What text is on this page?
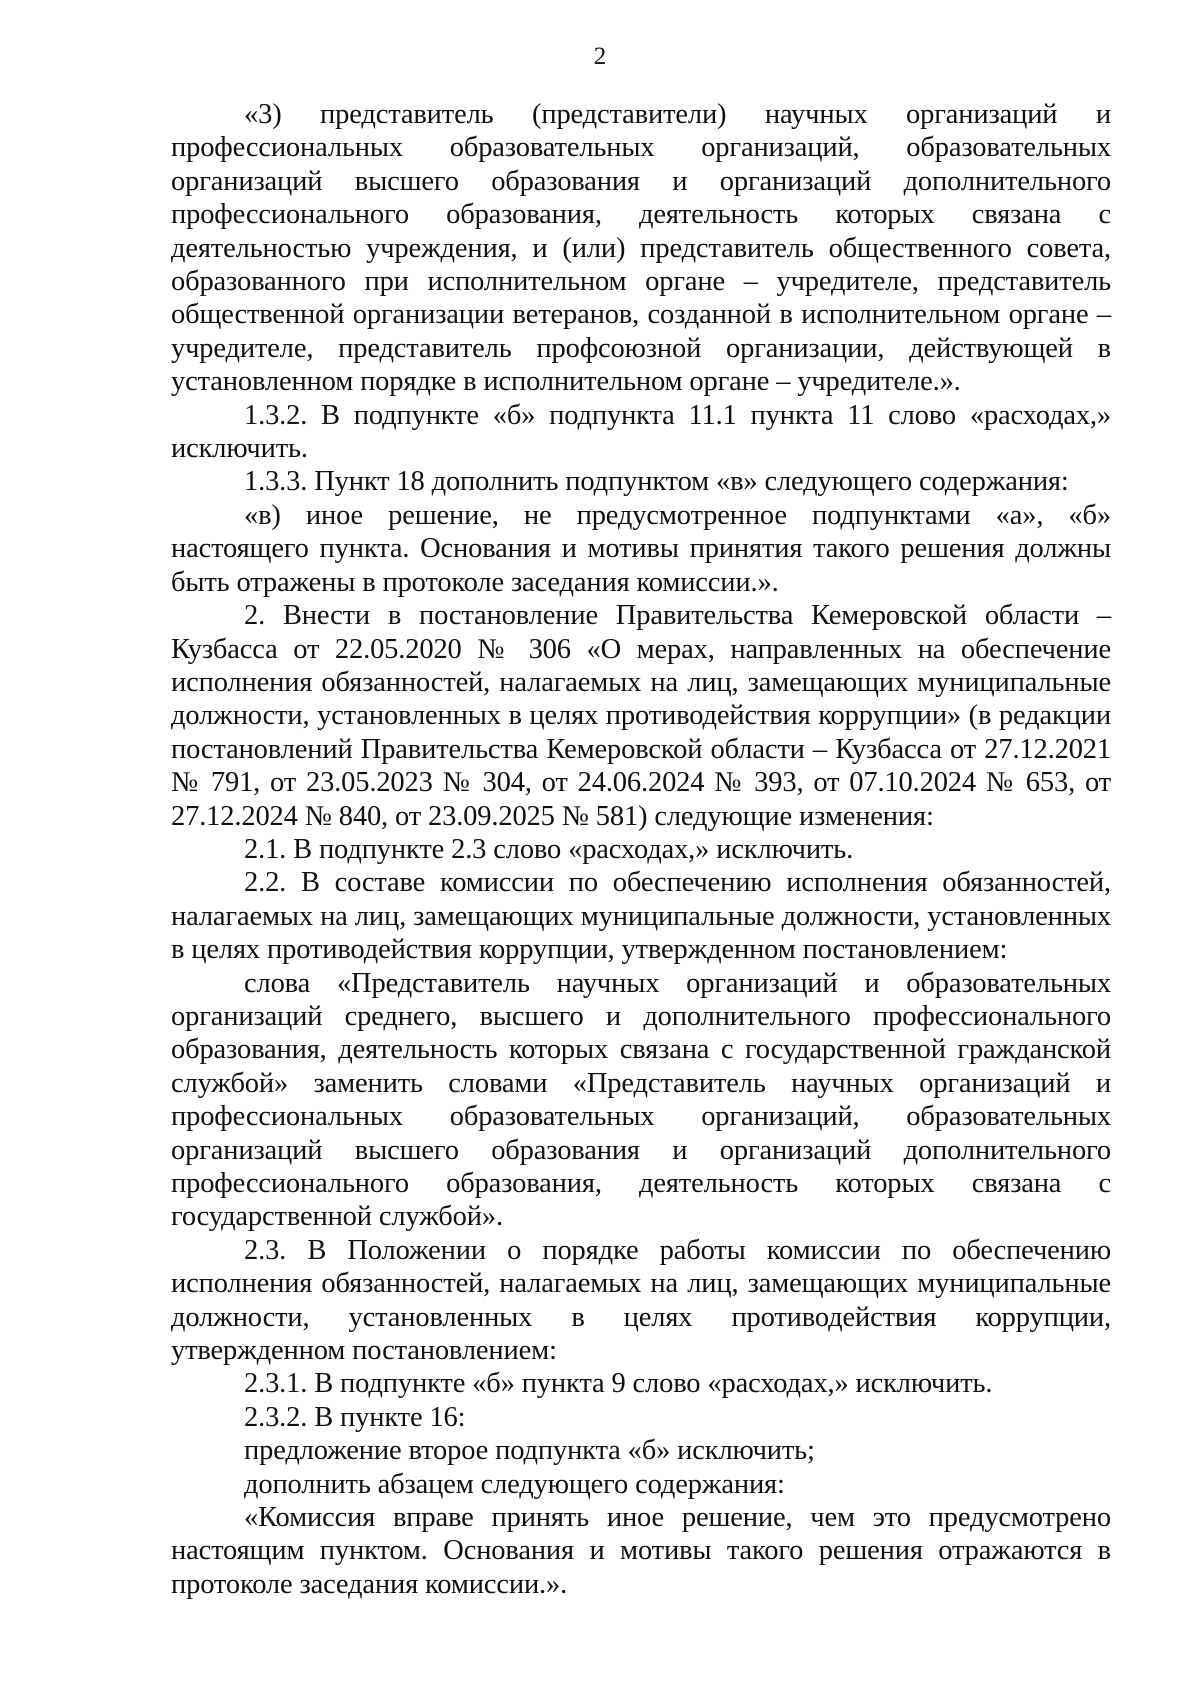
2

«3) представитель (представители) научных организаций и профессиональных образовательных организаций, образовательных организаций высшего образования и организаций дополнительного профессионального образования, деятельность которых связана с деятельностью учреждения, и (или) представитель общественного совета, образованного при исполнительном органе – учредителе, представитель общественной организации ветеранов, созданной в исполнительном органе – учредителе, представитель профсоюзной организации, действующей в установленном порядке в исполнительном органе – учредителе.».

1.3.2. В подпункте «б» подпункта 11.1 пункта 11 слово «расходах,» исключить.

1.3.3. Пункт 18 дополнить подпунктом «в» следующего содержания:

«в) иное решение, не предусмотренное подпунктами «а», «б» настоящего пункта. Основания и мотивы принятия такого решения должны быть отражены в протоколе заседания комиссии.».

2. Внести в постановление Правительства Кемеровской области – Кузбасса от 22.05.2020 № 306 «О мерах, направленных на обеспечение исполнения обязанностей, налагаемых на лиц, замещающих муниципальные должности, установленных в целях противодействия коррупции» (в редакции постановлений Правительства Кемеровской области – Кузбасса от 27.12.2021 № 791, от 23.05.2023 № 304, от 24.06.2024 № 393, от 07.10.2024 № 653, от 27.12.2024 № 840, от 23.09.2025 № 581) следующие изменения:

2.1. В подпункте 2.3 слово «расходах,» исключить.

2.2. В составе комиссии по обеспечению исполнения обязанностей, налагаемых на лиц, замещающих муниципальные должности, установленных в целях противодействия коррупции, утвержденном постановлением:

слова «Представитель научных организаций и образовательных организаций среднего, высшего и дополнительного профессионального образования, деятельность которых связана с государственной гражданской службой» заменить словами «Представитель научных организаций и профессиональных образовательных организаций, образовательных организаций высшего образования и организаций дополнительного профессионального образования, деятельность которых связана с государственной службой».

2.3. В Положении о порядке работы комиссии по обеспечению исполнения обязанностей, налагаемых на лиц, замещающих муниципальные должности, установленных в целях противодействия коррупции, утвержденном постановлением:

2.3.1. В подпункте «б» пункта 9 слово «расходах,» исключить.

2.3.2. В пункте 16:

предложение второе подпункта «б» исключить;

дополнить абзацем следующего содержания:

«Комиссия вправе принять иное решение, чем это предусмотрено настоящим пунктом. Основания и мотивы такого решения отражаются в протоколе заседания комиссии.».
